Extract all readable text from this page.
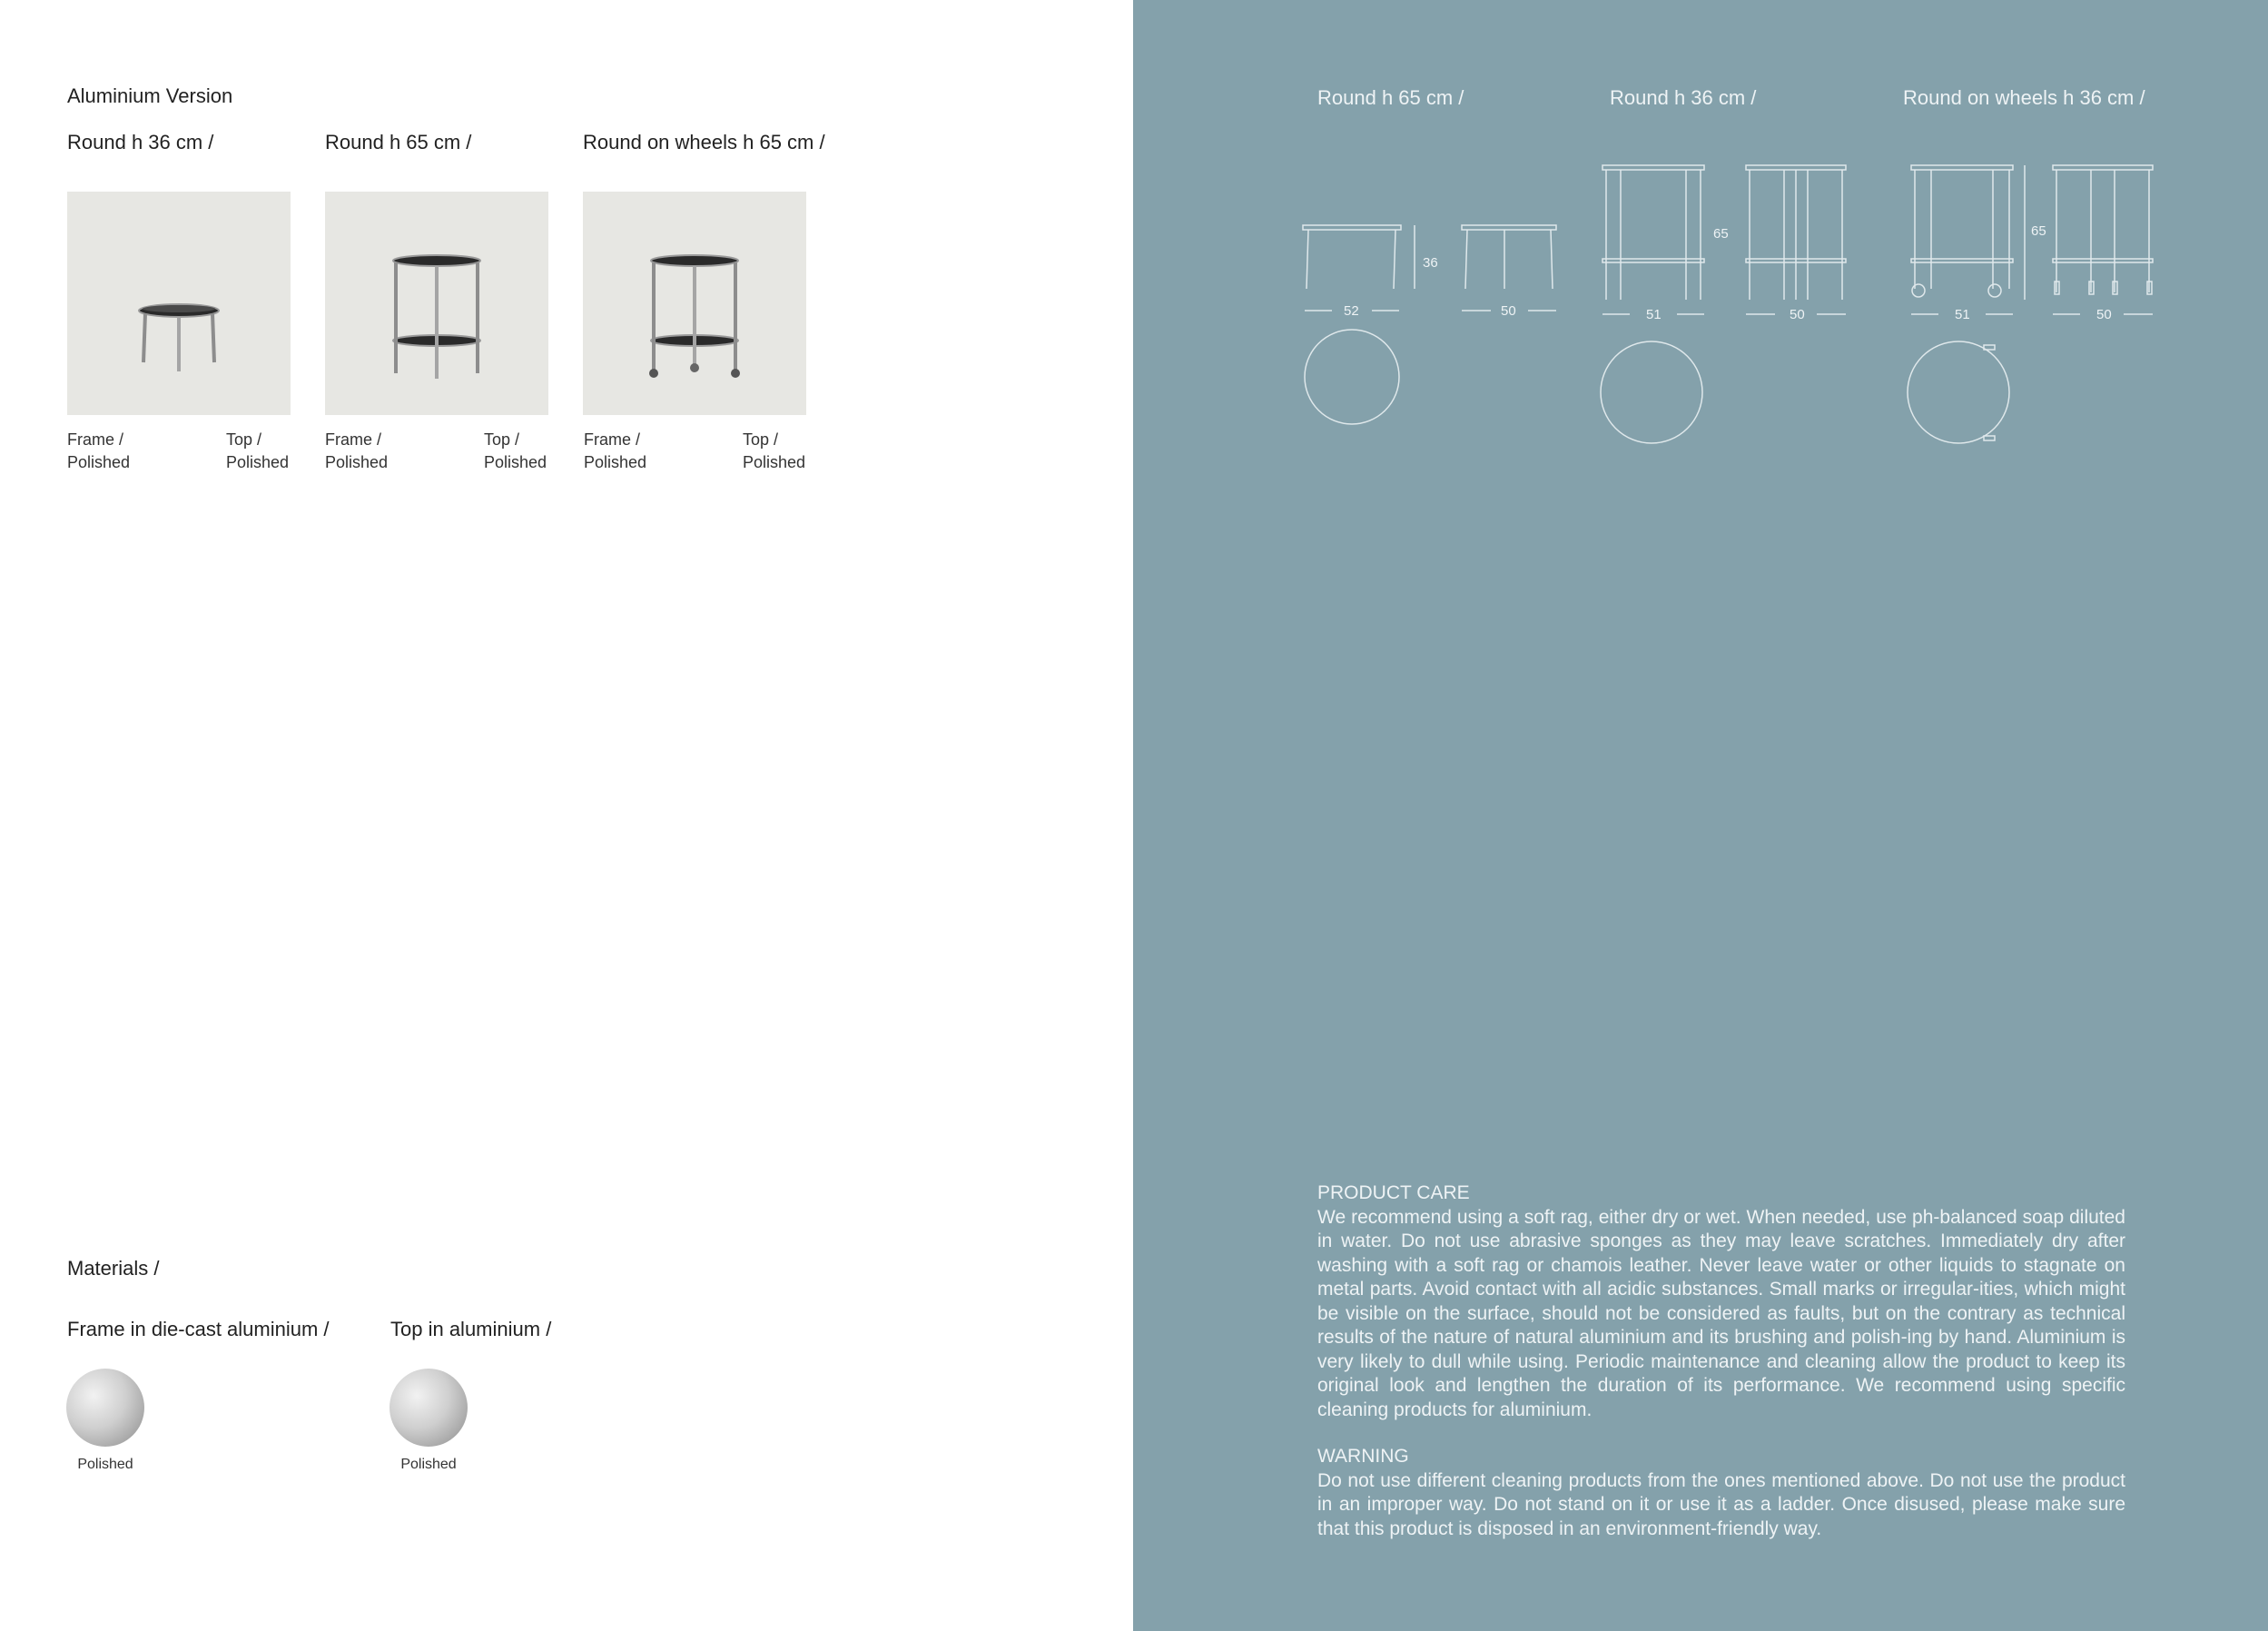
Aluminium Version
Round h 36 cm /	Round h 65 cm /	Round on wheels h 65 cm /
Frame /
Polished
Top /
Polished
Frame /
Polished
Top /
Polished
Frame /
Polished
Top /
Polished
Materials /
Frame in die-cast aluminium /	Top in aluminium /
Polished	Polished
Round h 65 cm /	Round h 36 cm /	Round on wheels h 36 cm /
36
52	50
65
51	50
65
51	50
PRODUCT CARE
We recommend using a soft rag, either dry or wet. When needed, use ph-balanced soap diluted in water. Do not use abrasive sponges as they may leave scratches. Immediately dry after washing with a soft rag or chamois leather. Never leave water or other liquids to stagnate on metal parts. Avoid contact with all acidic substances. Small marks or irregular-ities, which might be visible on the surface, should not be considered as faults, but on the contrary as technical results of the nature of natural aluminium and its brushing and polish-ing by hand. Aluminium is very likely to dull while using. Periodic maintenance and cleaning allow the product to keep its original look and lengthen the duration of its performance. We recommend using specific cleaning products for aluminium.
WARNING
Do not use different cleaning products from the ones mentioned above. Do not use the product in an improper way. Do not stand on it or use it as a ladder. Once disused, please make sure that this product is disposed in an environment-friendly way.
